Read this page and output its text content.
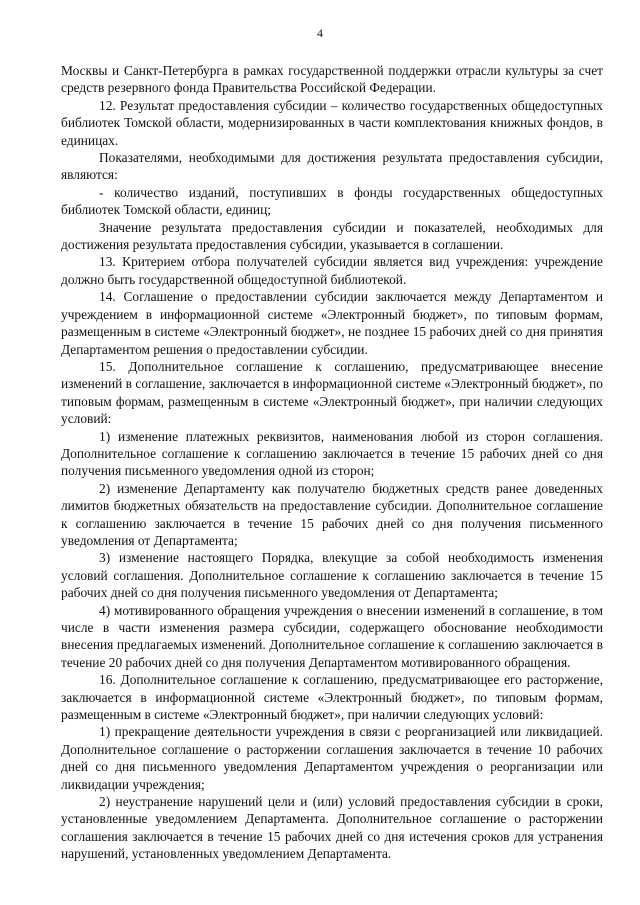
4

Москвы и Санкт-Петербурга в рамках государственной поддержки отрасли культуры за счет средств резервного фонда Правительства Российской Федерации.

12. Результат предоставления субсидии – количество государственных общедоступных библиотек Томской области, модернизированных в части комплектования книжных фондов, в единицах.

Показателями, необходимыми для достижения результата предоставления субсидии, являются:

- количество изданий, поступивших в фонды государственных общедоступных библиотек Томской области, единиц;

Значение результата предоставления субсидии и показателей, необходимых для достижения результата предоставления субсидии, указывается в соглашении.

13. Критерием отбора получателей субсидии является вид учреждения: учреждение должно быть государственной общедоступной библиотекой.

14. Соглашение о предоставлении субсидии заключается между Департаментом и учреждением в информационной системе «Электронный бюджет», по типовым формам, размещенным в системе «Электронный бюджет», не позднее 15 рабочих дней со дня принятия Департаментом решения о предоставлении субсидии.

15. Дополнительное соглашение к соглашению, предусматривающее внесение изменений в соглашение, заключается в информационной системе «Электронный бюджет», по типовым формам, размещенным в системе «Электронный бюджет», при наличии следующих условий:

1) изменение платежных реквизитов, наименования любой из сторон соглашения. Дополнительное соглашение к соглашению заключается в течение 15 рабочих дней со дня получения письменного уведомления одной из сторон;

2) изменение Департаменту как получателю бюджетных средств ранее доведенных лимитов бюджетных обязательств на предоставление субсидии. Дополнительное соглашение к соглашению заключается в течение 15 рабочих дней со дня получения письменного уведомления от Департамента;

3) изменение настоящего Порядка, влекущие за собой необходимость изменения условий соглашения. Дополнительное соглашение к соглашению заключается в течение 15 рабочих дней со дня получения письменного уведомления от Департамента;

4) мотивированного обращения учреждения о внесении изменений в соглашение, в том числе в части изменения размера субсидии, содержащего обоснование необходимости внесения предлагаемых изменений. Дополнительное соглашение к соглашению заключается в течение 20 рабочих дней со дня получения Департаментом мотивированного обращения.

16. Дополнительное соглашение к соглашению, предусматривающее его расторжение, заключается в информационной системе «Электронный бюджет», по типовым формам, размещенным в системе «Электронный бюджет», при наличии следующих условий:

1) прекращение деятельности учреждения в связи с реорганизацией или ликвидацией. Дополнительное соглашение о расторжении соглашения заключается в течение 10 рабочих дней со дня письменного уведомления Департаментом учреждения о реорганизации или ликвидации учреждения;

2) неустранение нарушений цели и (или) условий предоставления субсидии в сроки, установленные уведомлением Департамента. Дополнительное соглашение о расторжении соглашения заключается в течение 15 рабочих дней со дня истечения сроков для устранения нарушений, установленных уведомлением Департамента.
